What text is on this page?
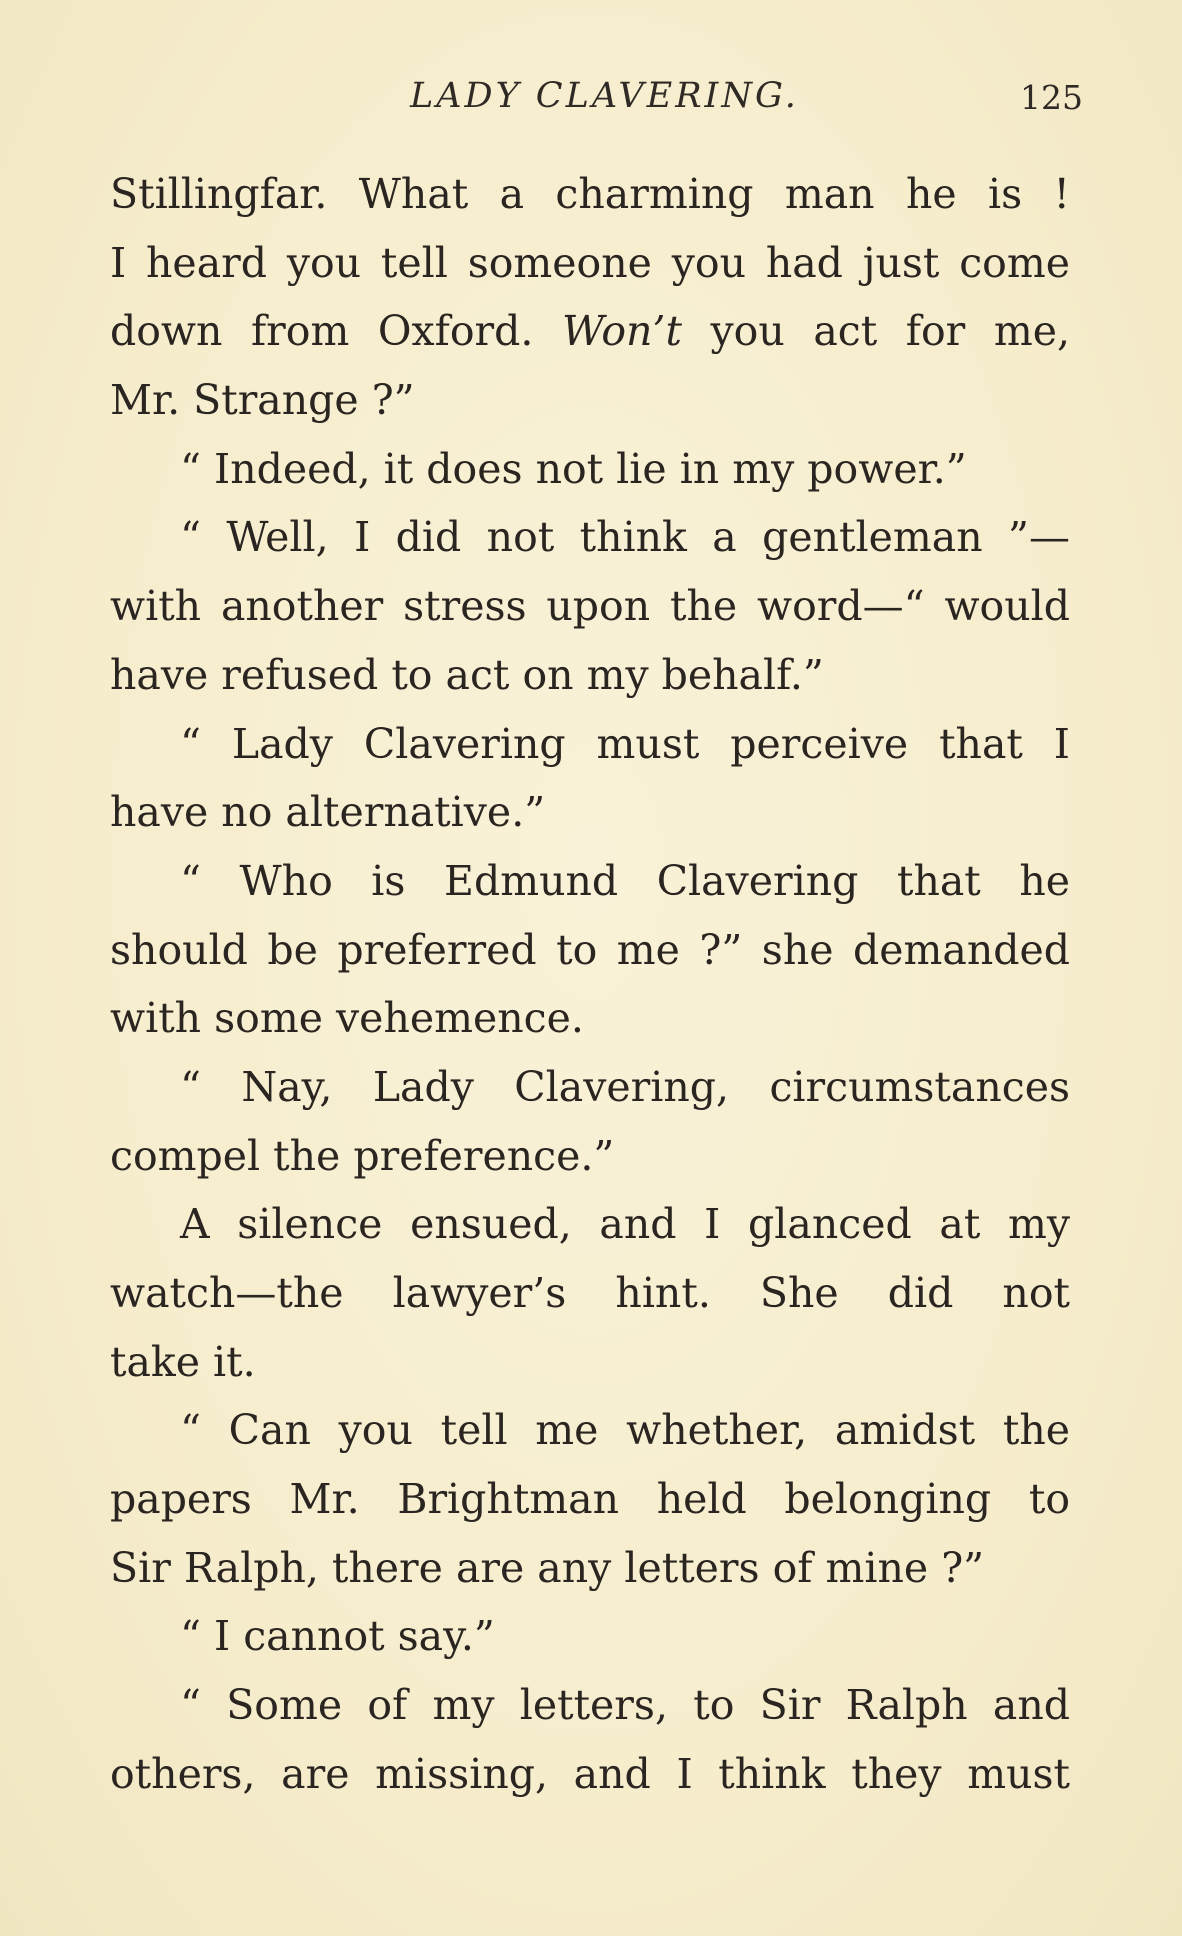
LADY CLAVERING.	125
Stillingfar. What a charming man he is !
I heard you tell someone you had just come
down from Oxford. Won’t you act for me,
Mr. Strange ?”
“ Indeed, it does not lie in my power.”
“ Well, I did not think a gentleman ”—
with another stress upon the word—“ would
have refused to act on my behalf.”
“ Lady Clavering must perceive that I
have no alternative.”
“ Who is Edmund Clavering that he
should be preferred to me ?” she demanded
with some vehemence.
“ Nay, Lady Clavering, circumstances
compel the preference.”
A silence ensued, and I glanced at my
watch—the lawyer’s hint. She did not
take it.
“ Can you tell me whether, amidst the
papers Mr. Brightman held belonging to
Sir Ralph, there are any letters of mine ?”
“ I cannot say.”
“ Some of my letters, to Sir Ralph and
others, are missing, and I think they must
